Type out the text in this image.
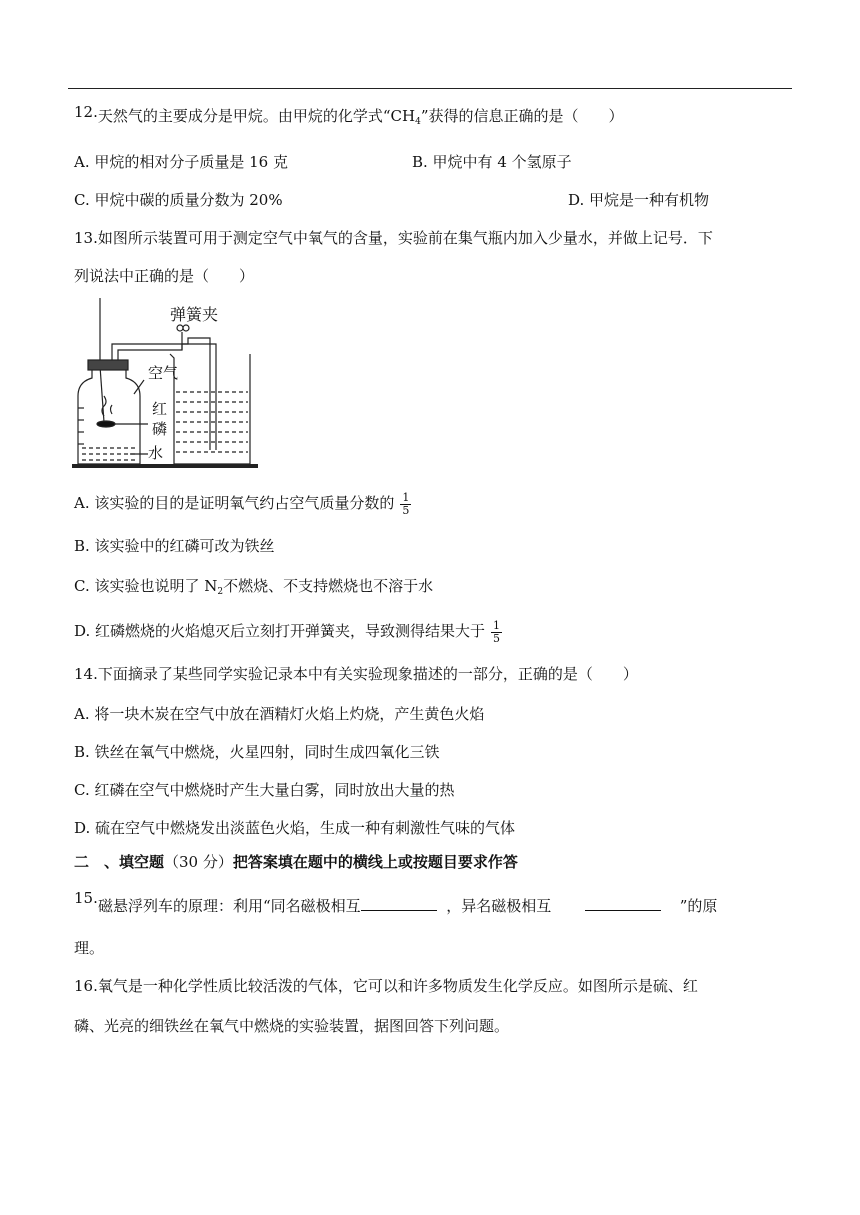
12.天然气的主要成分是甲烷。由甲烷的化学式“$CH_4$”获得的信息正确的是（　　）
A. 甲烷的相对分子质量是 16 克	B. 甲烷中有 4 个氢原子
C. 甲烷中碳的质量分数为 20%	D. 甲烷是一种有机物
13.如图所示装置可用于测定空气中氧气的含量，实验前在集气瓶内加入少量水，并做上记号．下
列说法中正确的是（　　）
弹簧夹
空气
红
磷
水
A. 该实验的目的是证明氧气约占空气质量分数的 $\frac{1}{5}$
B. 该实验中的红磷可改为铁丝
C. 该实验也说明了 $N_2$不燃烧、不支持燃烧也不溶于水
D. 红磷燃烧的火焰熄灭后立刻打开弹簧夹，导致测得结果大于 $\frac{1}{5}$
14.下面摘录了某些同学实验记录本中有关实验现象描述的一部分，正确的是（　　）
A. 将一块木炭在空气中放在酒精灯火焰上灼烧，产生黄色火焰
B. 铁丝在氧气中燃烧，火星四射，同时生成四氧化三铁
C. 红磷在空气中燃烧时产生大量白雾，同时放出大量的热
D. 硫在空气中燃烧发出淡蓝色火焰，生成一种有刺激性气味的气体
二　、填空题（30 分）把答案填在题中的横线上或按题目要求作答
15. 磁悬浮列车的原理：利用“同名磁极相互	，异名磁极相互	”的原
理。
16.氧气是一种化学性质比较活泼的气体，它可以和许多物质发生化学反应。如图所示是硫、红
磷、光亮的细铁丝在氧气中燃烧的实验装置，据图回答下列问题。
